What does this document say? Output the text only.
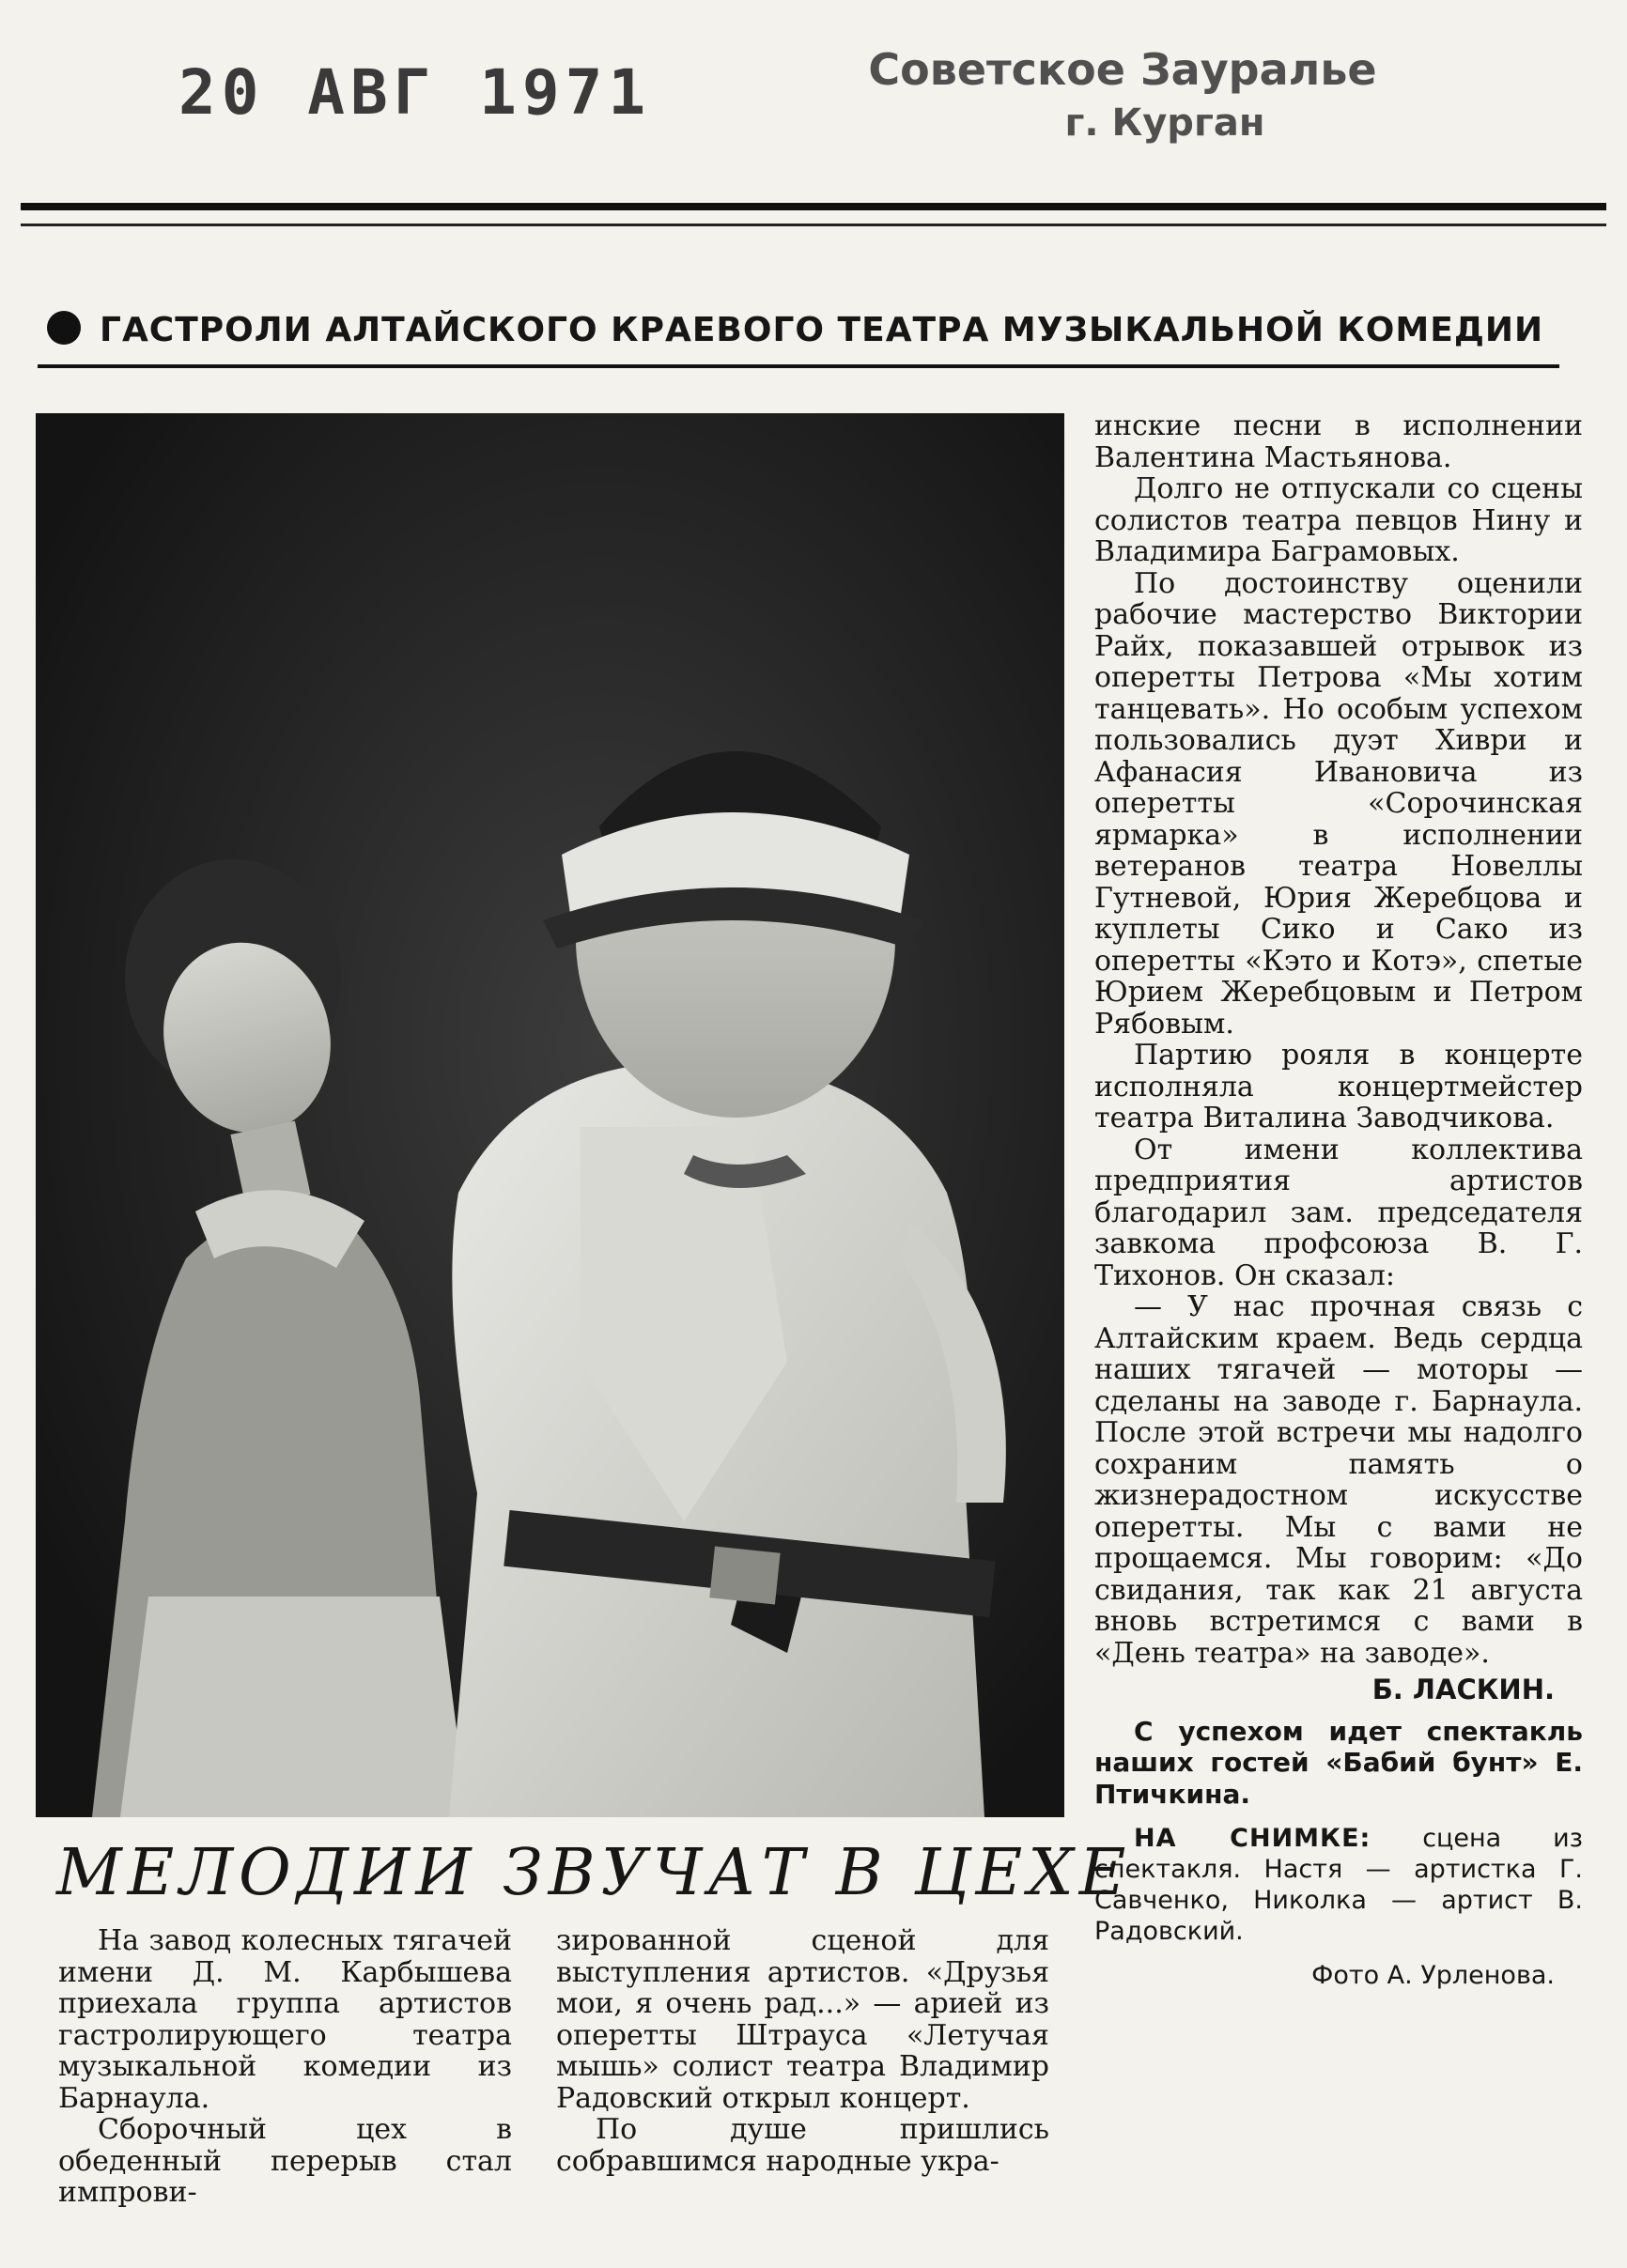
20 АВГ 1971	Советское Зауралье
г. Курган
ГАСТРОЛИ АЛТАЙСКОГО КРАЕВОГО ТЕАТРА МУЗЫКАЛЬНОЙ КОМЕДИИ
МЕЛОДИИ ЗВУЧАТ В ЦЕХЕ

На завод колесных тягачей имени Д. М. Карбышева приехала группа артистов гастролирующего театра музыкальной комедии из Барнаула.

Сборочный цех в обеденный перерыв стал импрови-

зированной сценой для выступления артистов. «Друзья мои, я очень рад...» — арией из оперетты Штрауса «Летучая мышь» солист театра Владимир Радовский открыл концерт.

По душе пришлись собравшимся народные укра-

инские песни в исполнении Валентина Мастьянова.

Долго не отпускали со сцены солистов театра певцов Нину и Владимира Баграмовых.

По достоинству оценили рабочие мастерство Виктории Райх, показавшей отрывок из оперетты Петрова «Мы хотим танцевать». Но особым успехом пользовались дуэт Хиври и Афанасия Ивановича из оперетты «Сорочинская ярмарка» в исполнении ветеранов театра Новеллы Гутневой, Юрия Жеребцова и куплеты Сико и Сако из оперетты «Кэто и Котэ», спетые Юрием Жеребцовым и Петром Рябовым.

Партию рояля в концерте исполняла концертмейстер театра Виталина Заводчикова.

От имени коллектива предприятия артистов благодарил зам. председателя завкома профсоюза В. Г. Тихонов. Он сказал:

— У нас прочная связь с Алтайским краем. Ведь сердца наших тягачей — моторы — сделаны на заводе г. Барнаула. После этой встречи мы надолго сохраним память о жизнерадостном искусстве оперетты. Мы с вами не прощаемся. Мы говорим: «До свидания, так как 21 августа вновь встретимся с вами в «День театра» на заводе».

Б. ЛАСКИН.

С успехом идет спектакль наших гостей «Бабий бунт» Е. Птичкина.

НА СНИМКЕ: сцена из спектакля. Настя — артистка Г. Савченко, Николка — артист В. Радовский.

Фото А. Урленова.
